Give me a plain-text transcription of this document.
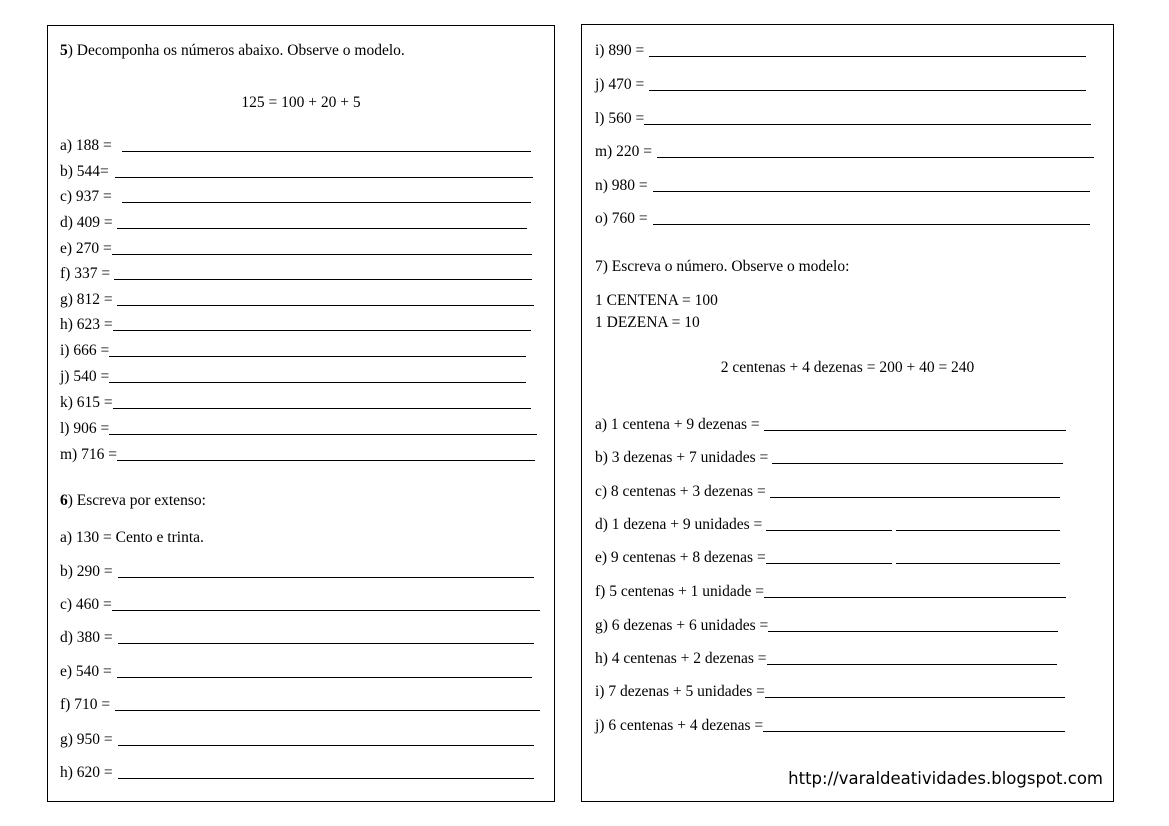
5) Decomponha os números abaixo. Observe o modelo.
125 = 100 + 20 + 5
a) 188 =
b) 544=
c) 937 =
d) 409 =
e) 270 =
f) 337 =
g) 812 =
h) 623 =
i) 666 =
j) 540 =
k) 615 =
l) 906 =
m) 716 =
6) Escreva por extenso:
a) 130 = Cento e trinta.
b) 290 =
c) 460 =
d) 380 =
e) 540 =
f) 710 =
g) 950 =
h) 620 =
i) 890 =
j) 470 =
l) 560 =
m) 220 =
n) 980 =
o) 760 =
7) Escreva o número. Observe o modelo:
1 CENTENA = 100
1 DEZENA = 10
2 centenas + 4 dezenas = 200 + 40 = 240
a) 1 centena + 9 dezenas =
b) 3 dezenas + 7 unidades =
c) 8 centenas + 3 dezenas =
d) 1 dezena + 9 unidades =
e) 9 centenas + 8 dezenas =
f) 5 centenas + 1 unidade =
g) 6 dezenas + 6 unidades =
h) 4 centenas + 2 dezenas =
i) 7 dezenas + 5 unidades =
j) 6 centenas + 4 dezenas =
http://varaldeatividades.blogspot.com
